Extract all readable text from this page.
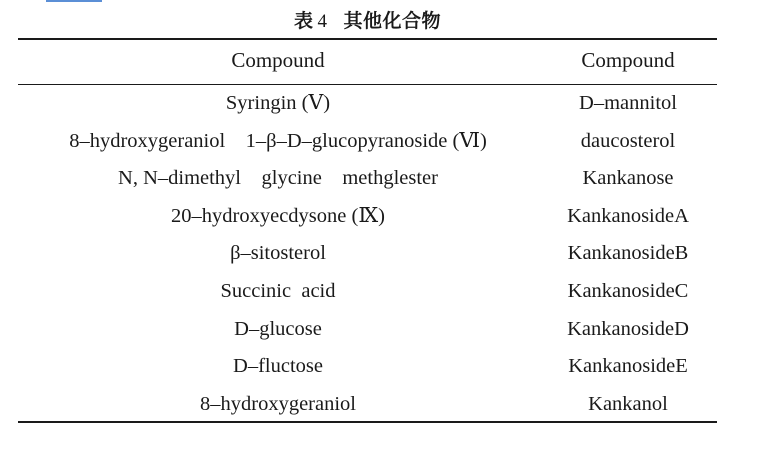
表 4 其他化合物
Compound	Compound
Syringin (Ⅴ)	D–mannitol
8–hydroxygeraniol    1–β–D–glucopyranoside (Ⅵ)	daucosterol
N, N–dimethyl    glycine    methglester	Kankanose
20–hydroxyecdysone (Ⅸ)	KankanosideA
β–sitosterol	KankanosideB
Succinic  acid	KankanosideC
D–glucose	KankanosideD
D–fluctose	KankanosideE
8–hydroxygeraniol	Kankanol
